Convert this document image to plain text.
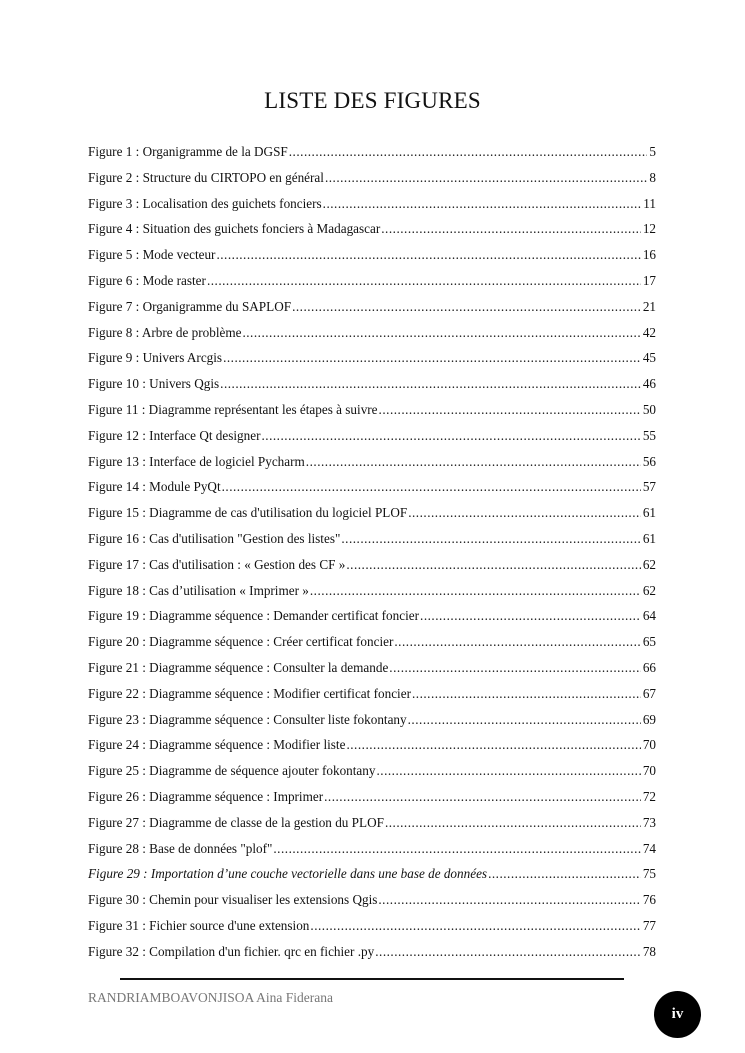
LISTE DES FIGURES
Figure 1 : Organigramme de la DGSF .....	5
Figure 2 : Structure du CIRTOPO en général .....	8
Figure 3 : Localisation des guichets fonciers .....	11
Figure 4 : Situation des guichets fonciers à Madagascar .....	12
Figure 5 : Mode vecteur .....	16
Figure 6 : Mode raster .....	17
Figure 7 : Organigramme du SAPLOF .....	21
Figure 8 : Arbre de problème .....	42
Figure 9 : Univers Arcgis .....	45
Figure 10 : Univers Qgis .....	46
Figure 11 : Diagramme représentant les étapes à suivre .....	50
Figure 12 : Interface Qt designer .....	55
Figure 13 : Interface de logiciel Pycharm .....	56
Figure 14 : Module PyQt .....	57
Figure 15 : Diagramme de cas d'utilisation du logiciel PLOF .....	61
Figure 16 : Cas d'utilisation "Gestion des listes" .....	61
Figure 17 : Cas d'utilisation : « Gestion des CF » .....	62
Figure 18 : Cas d’utilisation « Imprimer » .....	62
Figure 19 : Diagramme séquence : Demander certificat foncier .....	64
Figure 20 : Diagramme séquence : Créer certificat foncier .....	65
Figure 21 : Diagramme séquence : Consulter la demande .....	66
Figure 22 : Diagramme séquence : Modifier certificat foncier .....	67
Figure 23 : Diagramme séquence : Consulter liste fokontany .....	69
Figure 24 : Diagramme séquence : Modifier liste .....	70
Figure 25 : Diagramme de séquence ajouter fokontany .....	70
Figure 26 : Diagramme séquence : Imprimer .....	72
Figure 27 : Diagramme de classe de la gestion du PLOF .....	73
Figure 28 : Base de données "plof" .....	74
Figure 29 : Importation d’une couche vectorielle dans une base de données .....	75
Figure 30 : Chemin pour visualiser les extensions Qgis .....	76
Figure 31 : Fichier source d'une extension .....	77
Figure 32 : Compilation d'un fichier. qrc en fichier .py .....	78
RANDRIAMBOAVONJISOA Aina Fiderana
iv
